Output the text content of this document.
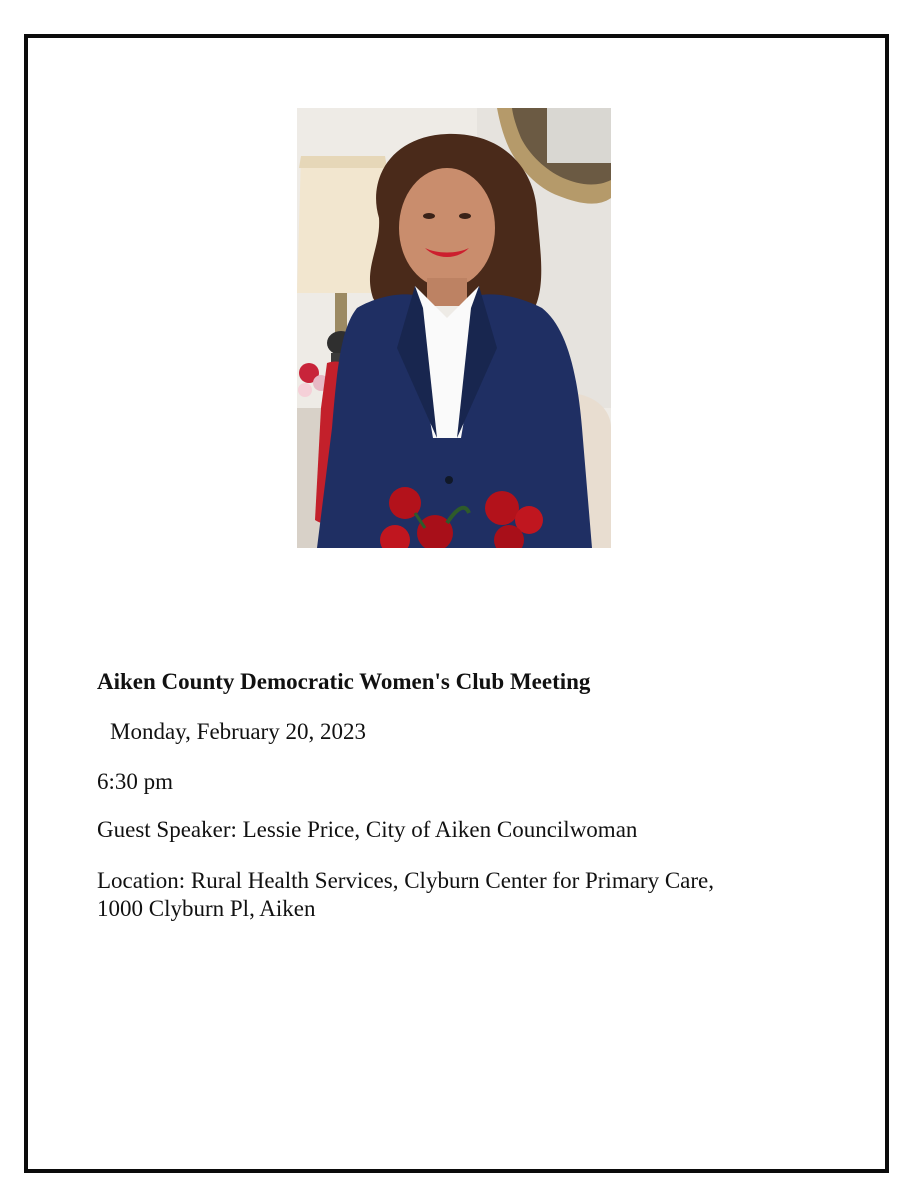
Aiken County Democratic Women's Club Meeting
Monday, February 20, 2023
6:30 pm
Guest Speaker: Lessie Price, City of Aiken Councilwoman
Location: Rural Health Services, Clyburn Center for Primary Care,
1000 Clyburn Pl, Aiken
